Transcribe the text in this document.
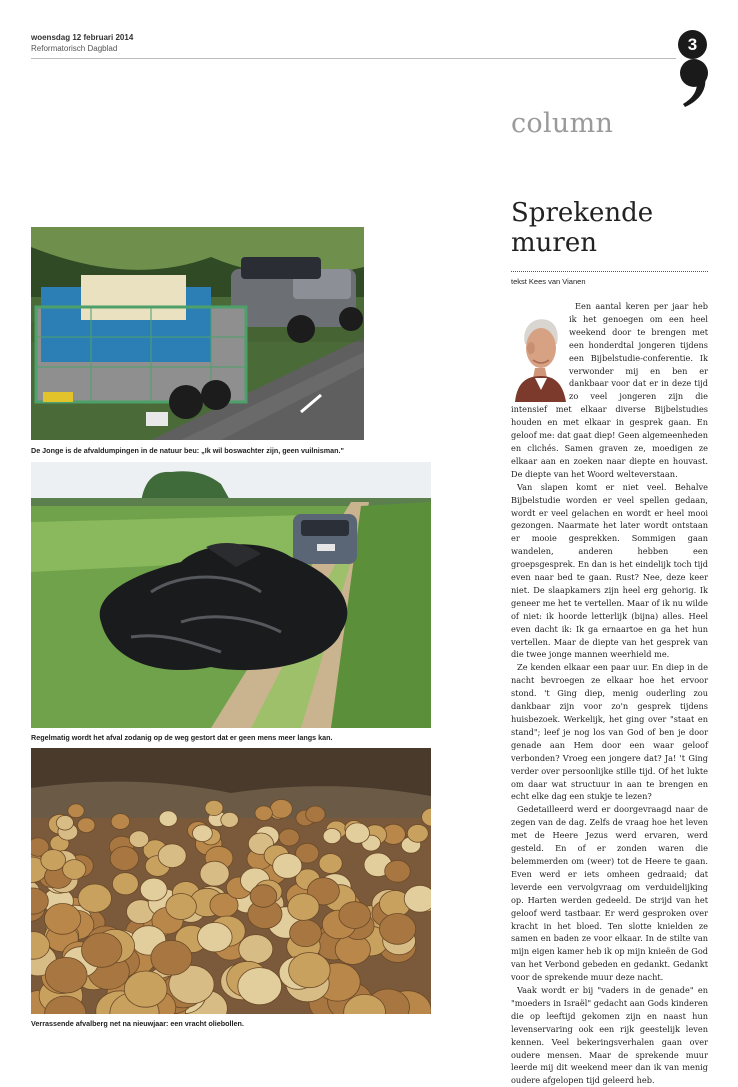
woensdag 12 februari 2014
Reformatorisch Dagblad	3
column
Sprekende muren
tekst Kees van Vianen

Een aantal keren per jaar heb ik het genoegen om een heel weekend door te brengen met een honderdtal jongeren tijdens een Bijbelstudie-conferentie. Ik verwonder mij en ben er dankbaar voor dat er in deze tijd zo veel jongeren zijn die intensief met elkaar diverse Bijbelstudies houden en met elkaar in gesprek gaan. En geloof me: dat gaat diep! Geen algemeenheden en clichés. Samen graven ze, moedigen ze elkaar aan en zoeken naar diepte en houvast. De diepte van het Woord welteverstaan.

Van slapen komt er niet veel. Behalve Bijbelstudie worden er veel spellen gedaan, wordt er veel gelachen en wordt er heel mooi gezongen. Naarmate het later wordt ontstaan er mooie gesprekken. Sommigen gaan wandelen, anderen hebben een groepsgesprek. En dan is het eindelijk toch tijd even naar bed te gaan. Rust? Nee, deze keer niet. De slaapkamers zijn heel erg gehorig. Ik geneer me het te vertellen. Maar of ik nu wilde of niet: ik hoorde letterlijk (bijna) alles. Heel even dacht ik: Ik ga ernaartoe en ga het hun vertellen. Maar de diepte van het gesprek van die twee jonge mannen weerhield me.

Ze kenden elkaar een paar uur. En diep in de nacht bevroegen ze elkaar hoe het ervoor stond. 't Ging diep, menig ouderling zou dankbaar zijn voor zo'n gesprek tijdens huisbezoek. Werkelijk, het ging over "staat en stand"; leef je nog los van God of ben je door genade aan Hem door een waar geloof verbonden? Vroeg een jongere dat? Ja! 't Ging verder over persoonlijke stille tijd. Of het lukte om daar wat structuur in aan te brengen en echt elke dag een stukje te lezen?

Gedetailleerd werd er doorgevraagd naar de zegen van de dag. Zelfs de vraag hoe het leven met de Heere Jezus werd ervaren, werd gesteld. En of er zonden waren die belemmerden om (weer) tot de Heere te gaan. Even werd er iets omheen gedraaid; dat leverde een vervolgvraag om verduidelijking op. Harten werden gedeeld. De strijd van het geloof werd tastbaar. Er werd gesproken over kracht in het bloed. Ten slotte knielden ze samen en baden ze voor elkaar. In de stilte van mijn eigen kamer heb ik op mijn knieën de God van het Verbond gebeden en gedankt. Gedankt voor de sprekende muur deze nacht.

Vaak wordt er bij "vaders in de genade" en "moeders in Israël" gedacht aan Gods kinderen die op leeftijd gekomen zijn en naast hun levenservaring ook een rijk geestelijk leven kennen. Veel bekeringsverhalen gaan over oudere mensen. Maar de sprekende muur leerde mij dit weekend meer dan ik van menig oudere afgelopen tijd geleerd heb.

De Jonge is de afvaldumpingen in de natuur beu: „Ik wil boswachter zijn, geen vuilnisman."
Regelmatig wordt het afval zodanig op de weg gestort dat er geen mens meer langs kan.
Verrassende afvalberg net na nieuwjaar: een vracht oliebollen.
